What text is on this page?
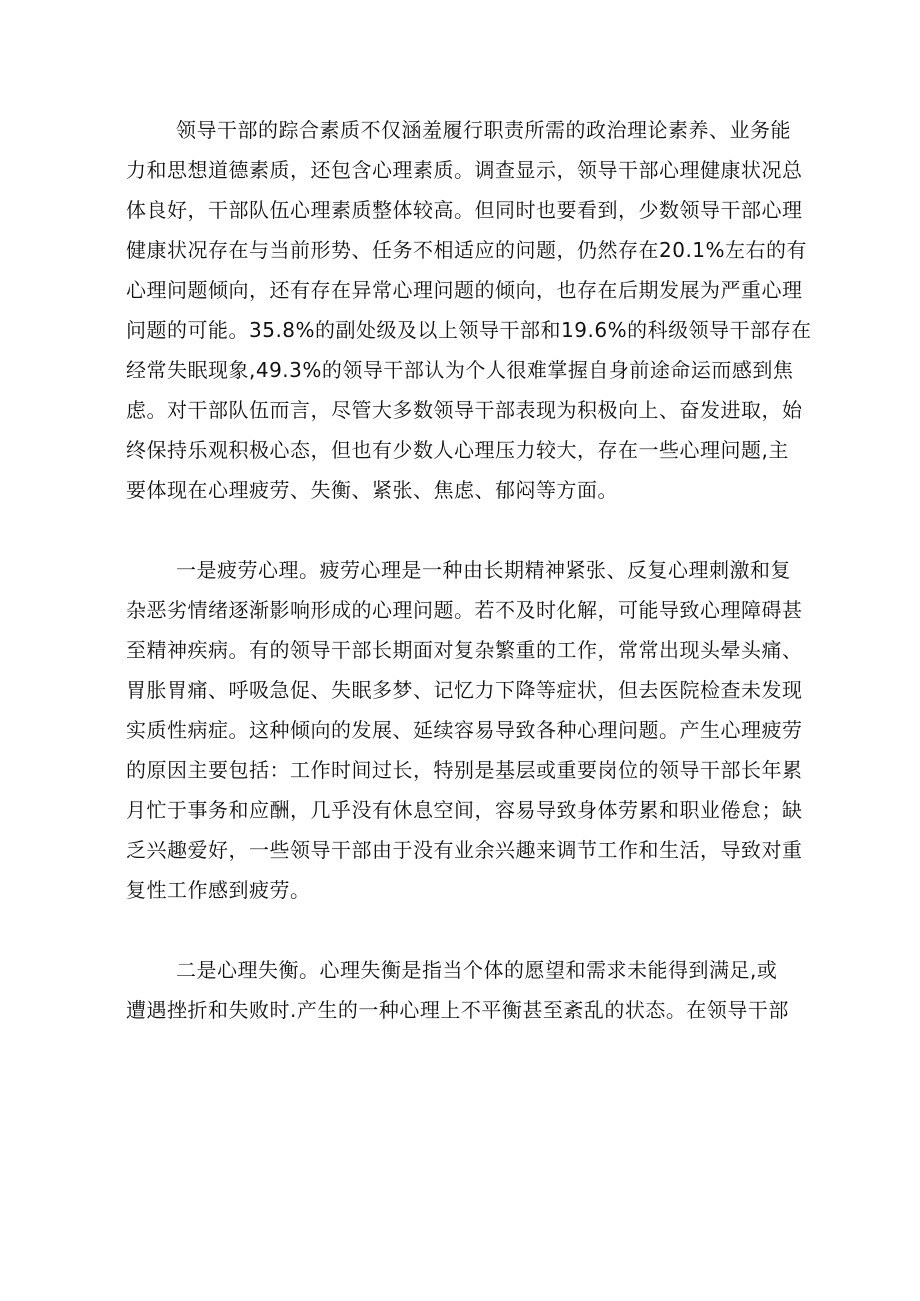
领导干部的踪合素质不仅涵羞履行职责所需的政治理论素养、业务能
力和思想道德素质，还包含心理素质。调查显示，领导干部心理健康状况总
体良好，干部队伍心理素质整体较高。但同时也要看到，少数领导干部心理
健康状况存在与当前形势、任务不相适应的问题，仍然存在20.1%左右的有
心理问题倾向，还有存在异常心理问题的倾向，也存在后期发展为严重心理
问题的可能。35.8%的副处级及以上领导干部和19.6%的科级领导干部存在
经常失眠现象,49.3%的领导干部认为个人很难掌握自身前途命运而感到焦
虑。对干部队伍而言，尽管大多数领导干部表现为积极向上、奋发进取，始
终保持乐观积极心态，但也有少数人心理压力较大，存在一些心理问题,主
要体现在心理疲劳、失衡、紧张、焦虑、郁闷等方面。
一是疲劳心理。疲劳心理是一种由长期精神紧张、反复心理刺激和复
杂恶劣情绪逐渐影响形成的心理问题。若不及时化解，可能导致心理障碍甚
至精神疾病。有的领导干部长期面对复杂繁重的工作，常常出现头晕头痛、
胃胀胃痛、呼吸急促、失眠多梦、记忆力下降等症状，但去医院检查未发现
实质性病症。这种倾向的发展、延续容易导致各种心理问题。产生心理疲劳
的原因主要包括：工作时间过长，特别是基层或重要岗位的领导干部长年累
月忙于事务和应酬，几乎没有休息空间，容易导致身体劳累和职业倦怠；缺
乏兴趣爱好，一些领导干部由于没有业余兴趣来调节工作和生活，导致对重
复性工作感到疲劳。
二是心理失衡。心理失衡是指当个体的愿望和需求未能得到满足,或
遭遇挫折和失败时.产生的一种心理上不平衡甚至紊乱的状态。在领导干部
